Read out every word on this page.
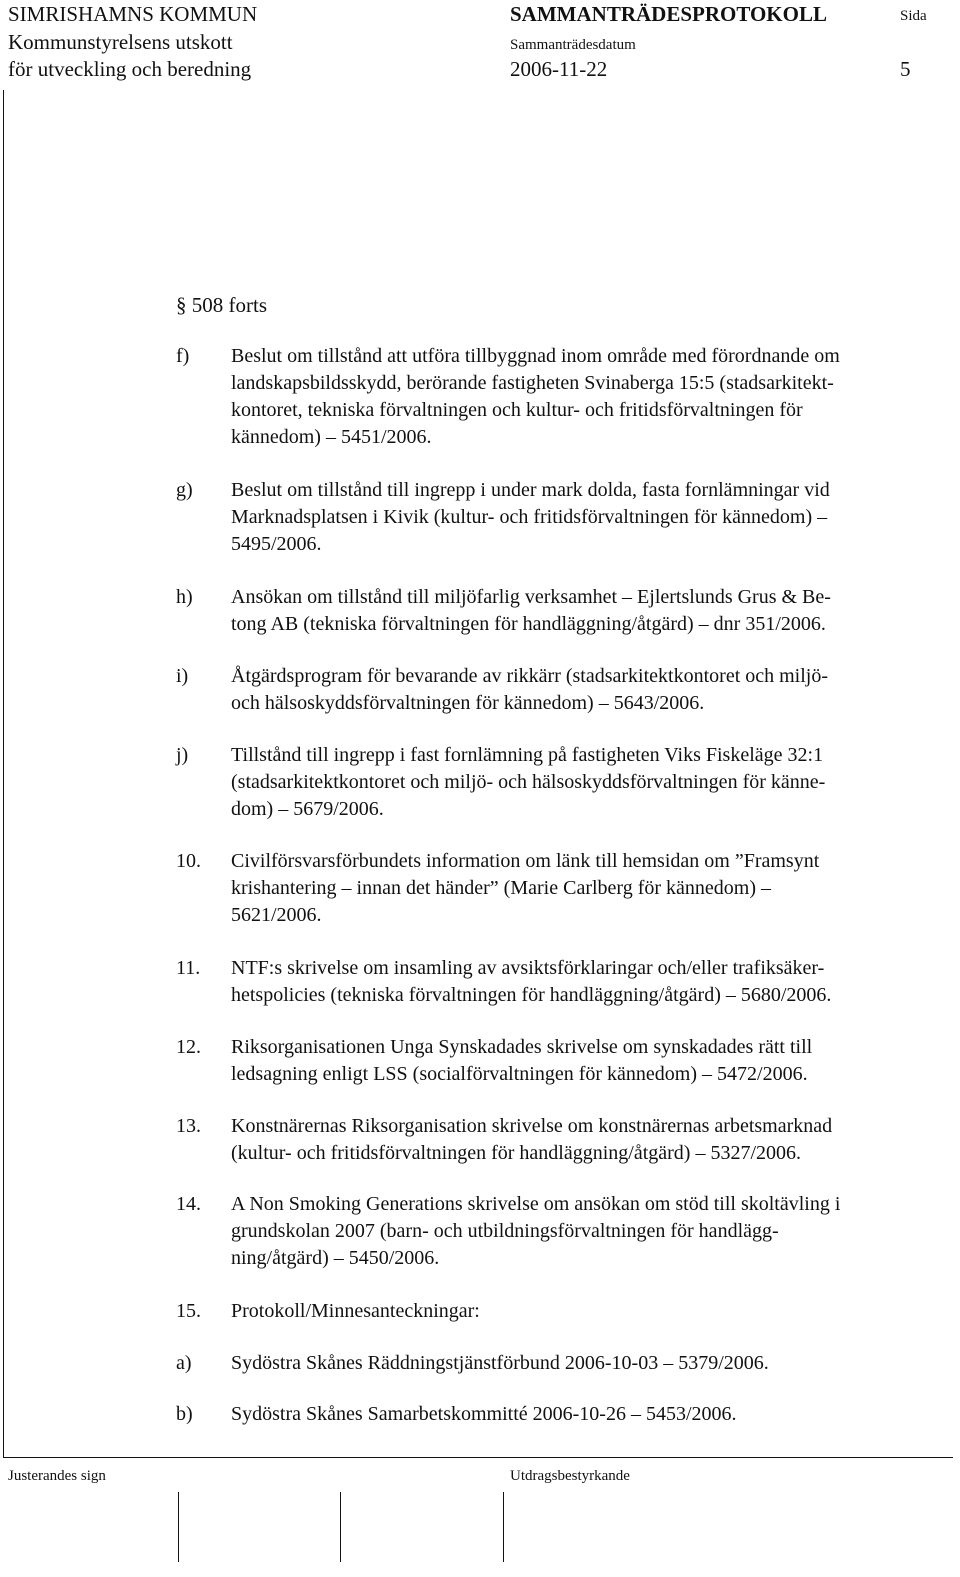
SIMRISHAMNS KOMMUN
Kommunstyrelsens utskott
för utveckling och beredning
SAMMANTRÄDESPROTOKOLL	Sida
Sammanträdesdatum
2006-11-22	5
§ 508 forts
f)	Beslut om tillstånd att utföra tillbyggnad inom område med förordnande om
landskapsbildsskydd, berörande fastigheten Svinaberga 15:5 (stadsarkitekt-
kontoret, tekniska förvaltningen och kultur- och fritidsförvaltningen för
kännedom) – 5451/2006.
g)	Beslut om tillstånd till ingrepp i under mark dolda, fasta fornlämningar vid
Marknadsplatsen i Kivik (kultur- och fritidsförvaltningen för kännedom) –
5495/2006.
h)	Ansökan om tillstånd till miljöfarlig verksamhet – Ejlertslunds Grus & Be-
tong AB (tekniska förvaltningen för handläggning/åtgärd) – dnr 351/2006.
i)	Åtgärdsprogram för bevarande av rikkärr (stadsarkitektkontoret och miljö-
och hälsoskyddsförvaltningen för kännedom) – 5643/2006.
j)	Tillstånd till ingrepp i fast fornlämning på fastigheten Viks Fiskeläge 32:1
(stadsarkitektkontoret och miljö- och hälsoskyddsförvaltningen för känne-
dom) – 5679/2006.
10.	Civilförsvarsförbundets information om länk till hemsidan om ”Framsynt
krishantering – innan det händer” (Marie Carlberg för kännedom) –
5621/2006.
11.	NTF:s skrivelse om insamling av avsiktsförklaringar och/eller trafiksäker-
hetspolicies (tekniska förvaltningen för handläggning/åtgärd) – 5680/2006.
12.	Riksorganisationen Unga Synskadades skrivelse om synskadades rätt till
ledsagning enligt LSS (socialförvaltningen för kännedom) – 5472/2006.
13.	Konstnärernas Riksorganisation skrivelse om konstnärernas arbetsmarknad
(kultur- och fritidsförvaltningen för handläggning/åtgärd) – 5327/2006.
14.	A Non Smoking Generations skrivelse om ansökan om stöd till skoltävling i
grundskolan 2007 (barn- och utbildningsförvaltningen för handlägg-
ning/åtgärd) – 5450/2006.
15.	Protokoll/Minnesanteckningar:
a)	Sydöstra Skånes Räddningstjänstförbund 2006-10-03 – 5379/2006.
b)	Sydöstra Skånes Samarbetskommitté 2006-10-26 – 5453/2006.
Justerandes sign	Utdragsbestyrkande
